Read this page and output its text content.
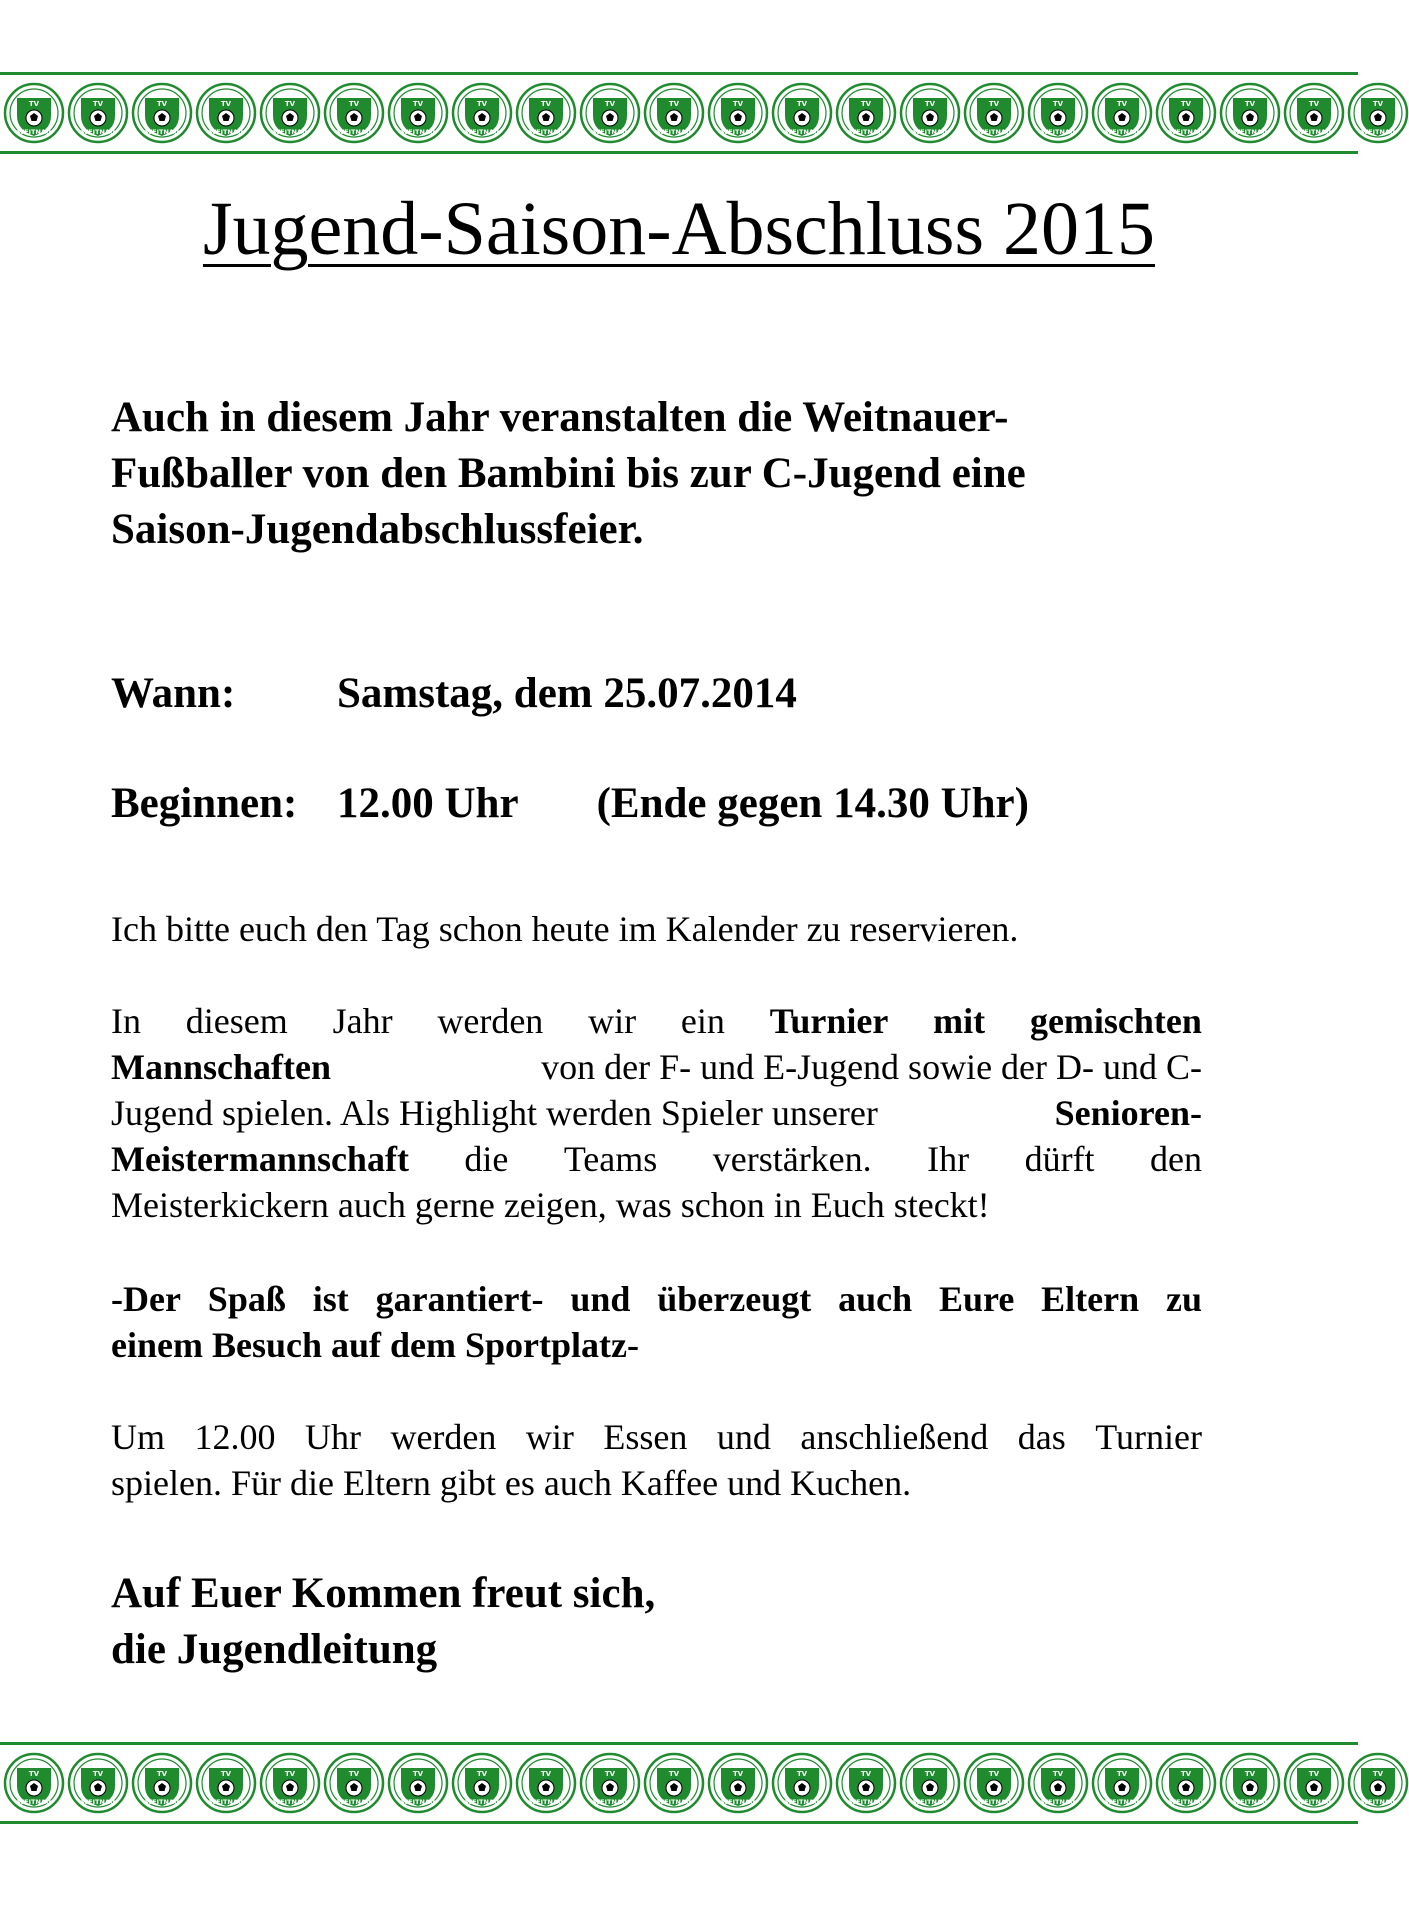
TV
WEITNAU
TV
WEITNAU
TV
WEITNAU
TV
WEITNAU
TV
WEITNAU
TV
WEITNAU
TV
WEITNAU
TV
WEITNAU
TV
WEITNAU
TV
WEITNAU
TV
WEITNAU
TV
WEITNAU
TV
WEITNAU
TV
WEITNAU
TV
WEITNAU
TV
WEITNAU
TV
WEITNAU
TV
WEITNAU
TV
WEITNAU
TV
WEITNAU
TV
WEITNAU
TV
WEITNAU
Jugend-Saison-Abschluss 2015
Auch in diesem Jahr veranstalten die Weitnauer-
Fußballer von den Bambini bis zur C-Jugend eine
Saison-Jugendabschlussfeier.
Wann: Samstag, dem 25.07.2014
Beginnen: 12.00 Uhr (Ende gegen 14.30 Uhr)
Ich bitte euch den Tag schon heute im Kalender zu reservieren.
In diesem Jahr werden wir ein Turnier mit gemischten
Mannschaften	von der F- und E-Jugend sowie der D- und C-
Jugend spielen. Als Highlight werden Spieler unserer	Senioren-
Meistermannschaft die Teams verstärken. Ihr dürft den
Meisterkickern auch gerne zeigen, was schon in Euch steckt!
-Der Spaß ist garantiert- und überzeugt auch Eure Eltern zu
einem Besuch auf dem Sportplatz-
Um 12.00 Uhr werden wir Essen und anschließend das Turnier
spielen. Für die Eltern gibt es auch Kaffee und Kuchen.
Auf Euer Kommen freut sich,
die Jugendleitung
TV
WEITNAU
TV
WEITNAU
TV
WEITNAU
TV
WEITNAU
TV
WEITNAU
TV
WEITNAU
TV
WEITNAU
TV
WEITNAU
TV
WEITNAU
TV
WEITNAU
TV
WEITNAU
TV
WEITNAU
TV
WEITNAU
TV
WEITNAU
TV
WEITNAU
TV
WEITNAU
TV
WEITNAU
TV
WEITNAU
TV
WEITNAU
TV
WEITNAU
TV
WEITNAU
TV
WEITNAU
